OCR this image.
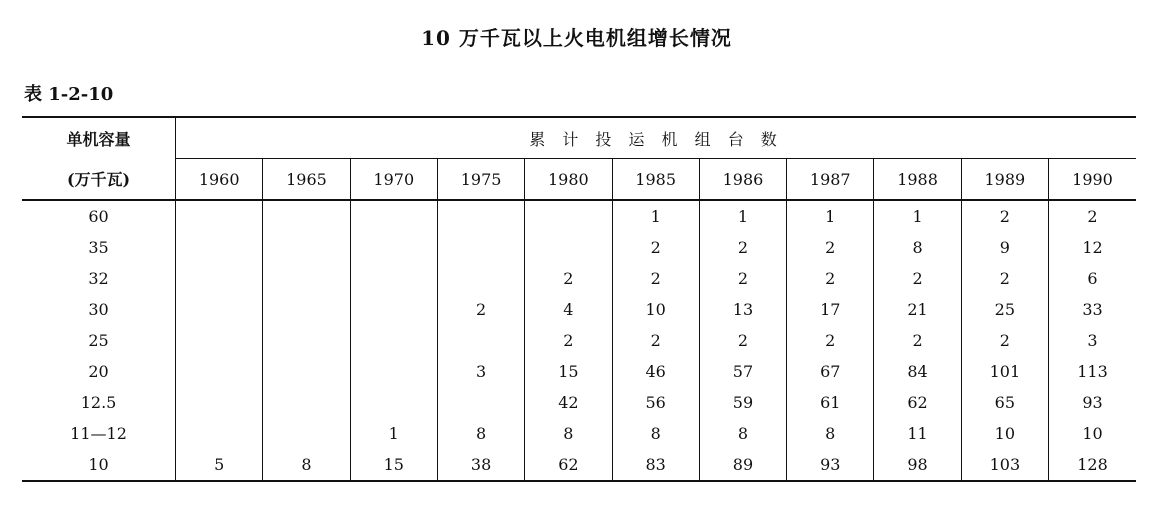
10 万千瓦以上火电机组增长情况
表 1-2-10
单机容量	累 计 投 运 机 组 台 数										
(万千瓦)	1960	1965	1970	1975	1980	1985	1986	1987	1988	1989	1990
60						1	1	1	1	2	2
35						2	2	2	8	9	12
32					2	2	2	2	2	2	6
30				2	4	10	13	17	21	25	33
25					2	2	2	2	2	2	3
20				3	15	46	57	67	84	101	113
12.5					42	56	59	61	62	65	93
11—12			1	8	8	8	8	8	11	10	10
10	5	8	15	38	62	83	89	93	98	103	128
